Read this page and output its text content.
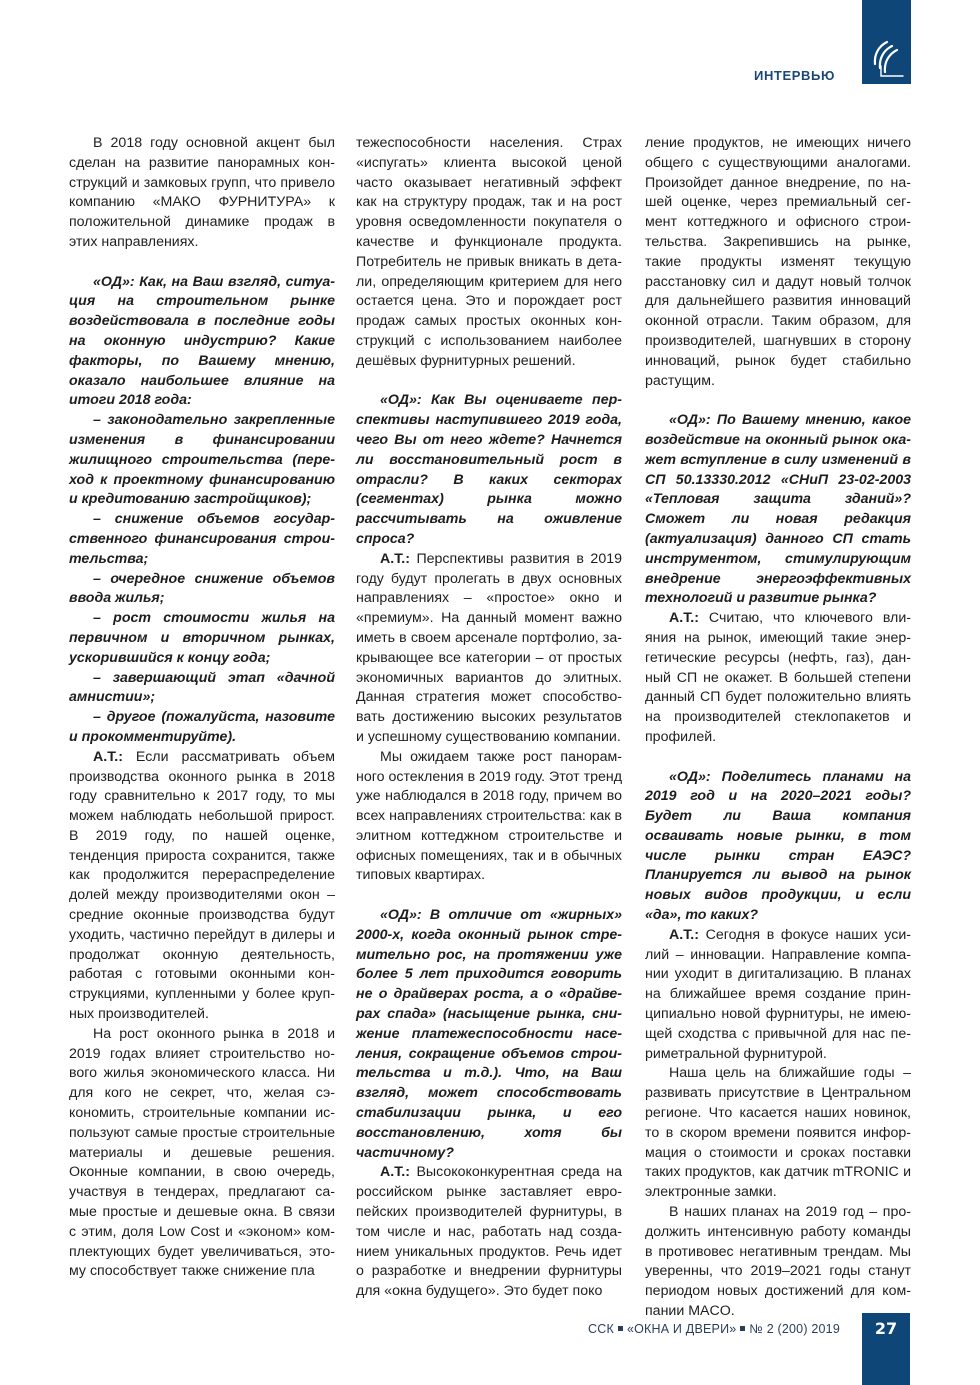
ИНТЕРВЬЮ

В 2018 году основной акцент был сделан на развитие панорамных конструкций и замковых групп, что привело компанию «МАКО ФУРНИТУРА» к положительной динамике продаж в этих направлениях.

«ОД»: Как, на Ваш взгляд, ситуация на строительном рынке воздействовала в последние годы на оконную индустрию? Какие факторы, по Вашему мнению, оказало наибольшее влияние на итоги 2018 года:

– законодательно закрепленные изменения в финансировании жилищного строительства (переход к проектному финансированию и кредитованию застройщиков);

– снижение объемов государственного финансирования строительства;

– очередное снижение объемов ввода жилья;

– рост стоимости жилья на первичном и вторичном рынках, ускорившийся к концу года;

– завершающий этап «дачной амнистии»;

– другое (пожалуйста, назовите и прокомментируйте).

А.Т.: Если рассматривать объем производства оконного рынка в 2018 году сравнительно к 2017 году, то мы можем наблюдать небольшой прирост. В 2019 году, по нашей оценке, тенденция прироста сохранится, также как продолжится перераспределение долей между производителями окон – средние оконные производства будут уходить, частично перейдут в дилеры и продолжат оконную деятельность, работая с готовыми оконными конструкциями, купленными у более крупных производителей.

На рост оконного рынка в 2018 и 2019 годах влияет строительство нового жилья экономического класса. Ни для кого не секрет, что, желая сэкономить, строительные компании используют самые простые строительные материалы и дешевые решения. Оконные компании, в свою очередь, участвуя в тендерах, предлагают самые простые и дешевые окна. В связи с этим, доля Low Cost и «эконом» комплектующих будет увеличиваться, этому способствует также снижение пла

тежеспособности населения. Страх «испугать» клиента высокой ценой часто оказывает негативный эффект как на структуру продаж, так и на рост уровня осведомленности покупателя о качестве и функционале продукта. Потребитель не привык вникать в детали, определяющим критерием для него остается цена. Это и порождает рост продаж самых простых оконных конструкций с использованием наиболее дешёвых фурнитурных решений.

«ОД»: Как Вы оцениваете перспективы наступившего 2019 года, чего Вы от него ждете? Начнется ли восстановительный рост в отрасли? В каких секторах (сегментах) рынка можно рассчитывать на оживление спроса?

А.Т.: Перспективы развития в 2019 году будут пролегать в двух основных направлениях – «простое» окно и «премиум». На данный момент важно иметь в своем арсенале портфолио, закрывающее все категории – от простых экономичных вариантов до элитных. Данная стратегия может способствовать достижению высоких результатов и успешному существованию компании.

Мы ожидаем также рост панорамного остекления в 2019 году. Этот тренд уже наблюдался в 2018 году, причем во всех направлениях строительства: как в элитном коттеджном строительстве и офисных помещениях, так и в обычных типовых квартирах.

«ОД»: В отличие от «жирных» 2000-х, когда оконный рынок стремительно рос, на протяжении уже более 5 лет приходится говорить не о драйверах роста, а о «драйверах спада» (насыщение рынка, снижение платежеспособности населения, сокращение объемов строительства и т.д.). Что, на Ваш взгляд, может способствовать стабилизации рынка, и его восстановлению, хотя бы частичному?

А.Т.: Высококонкурентная среда на российском рынке заставляет европейских производителей фурнитуры, в том числе и нас, работать над созданием уникальных продуктов. Речь идет о разработке и внедрении фурнитуры для «окна будущего». Это будет поко

ление продуктов, не имеющих ничего общего с существующими аналогами. Произойдет данное внедрение, по нашей оценке, через премиальный сегмент коттеджного и офисного строительства. Закрепившись на рынке, такие продукты изменят текущую расстановку сил и дадут новый толчок для дальнейшего развития инноваций оконной отрасли. Таким образом, для производителей, шагнувших в сторону инноваций, рынок будет стабильно растущим.

«ОД»: По Вашему мнению, какое воздействие на оконный рынок окажет вступление в силу изменений в СП 50.13330.2012 «СНиП 23-02-2003 «Тепловая защита зданий»? Сможет ли новая редакция (актуализация) данного СП стать инструментом, стимулирующим внедрение энергоэффективных технологий и развитие рынка?

А.Т.: Считаю, что ключевого влияния на рынок, имеющий такие энергетические ресурсы (нефть, газ), данный СП не окажет. В большей степени данный СП будет положительно влиять на производителей стеклопакетов и профилей.

«ОД»: Поделитесь планами на 2019 год и на 2020–2021 годы? Будет ли Ваша компания осваивать новые рынки, в том числе рынки стран ЕАЭС? Планируется ли вывод на рынок новых видов продукции, и если «да», то каких?

А.Т.: Сегодня в фокусе наших усилий – инновации. Направление компании уходит в дигитализацию. В планах на ближайшее время создание принципиально новой фурнитуры, не имеющей сходства с привычной для нас периметральной фурнитурой.

Наша цель на ближайшие годы – развивать присутствие в Центральном регионе. Что касается наших новинок, то в скором времени появится информация о стоимости и сроках поставки таких продуктов, как датчик mTRONIC и электронные замки.

В наших планах на 2019 год – продолжить интенсивную работу команды в противовес негативным трендам. Мы уверенны, что 2019–2021 годы станут периодом новых достижений для компании MACO.

ССК «ОКНА И ДВЕРИ» № 2 (200) 2019	27
